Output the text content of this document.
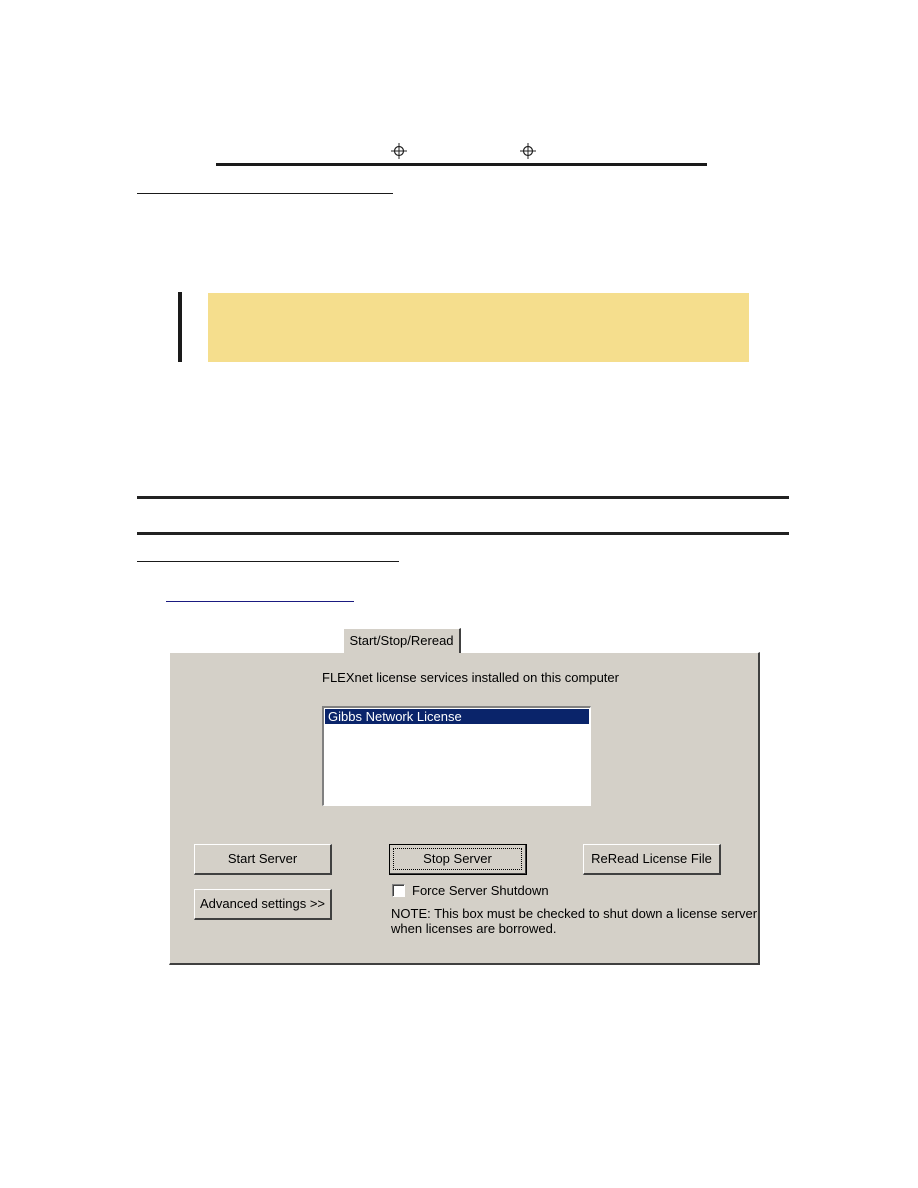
Start/Stop/Reread
FLEXnet license services installed on this computer
Gibbs Network License
Start Server	Stop Server	ReRead License File
Advanced settings >>
Force Server Shutdown
NOTE: This box must be checked to shut down a license server
when licenses are borrowed.
